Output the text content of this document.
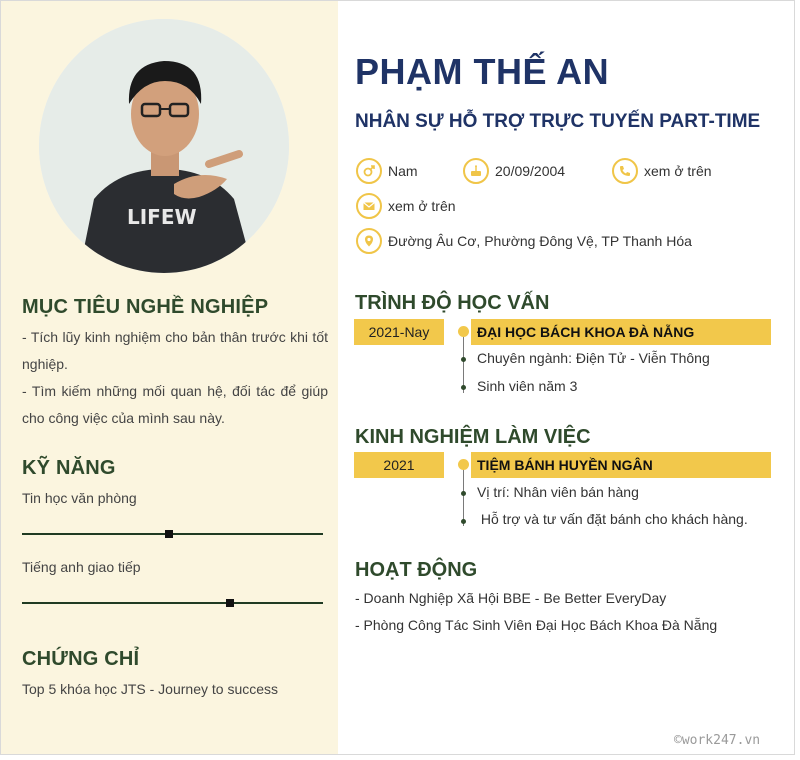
LIFEW
MỤC TIÊU NGHỀ NGHIỆP
- Tích lũy kinh nghiệm cho bản thân trước khi tốt nghiệp.
- Tìm kiếm những mối quan hệ, đối tác để giúp cho công việc của mình sau này.
KỸ NĂNG
Tin học văn phòng
Tiếng anh giao tiếp
CHỨNG CHỈ
Top 5 khóa học JTS - Journey to success
PHẠM THẾ AN
NHÂN SỰ HỖ TRỢ TRỰC TUYẾN PART-TIME
Nam	20/09/2004	xem ở trên
xem ở trên
Đường Âu Cơ, Phường Đông Vệ, TP Thanh Hóa
TRÌNH ĐỘ HỌC VẤN
2021-Nay	ĐẠI HỌC BÁCH KHOA ĐÀ NẴNG
Chuyên ngành: Điện Tử - Viễn Thông
Sinh viên năm 3
KINH NGHIỆM LÀM VIỆC
2021	TIỆM BÁNH HUYỀN NGÂN
Vị trí: Nhân viên bán hàng
Hỗ trợ và tư vấn đặt bánh cho khách hàng.
HOẠT ĐỘNG
- Doanh Nghiệp Xã Hội BBE - Be Better EveryDay
- Phòng Công Tác Sinh Viên Đại Học Bách Khoa Đà Nẵng
©work247.vn
